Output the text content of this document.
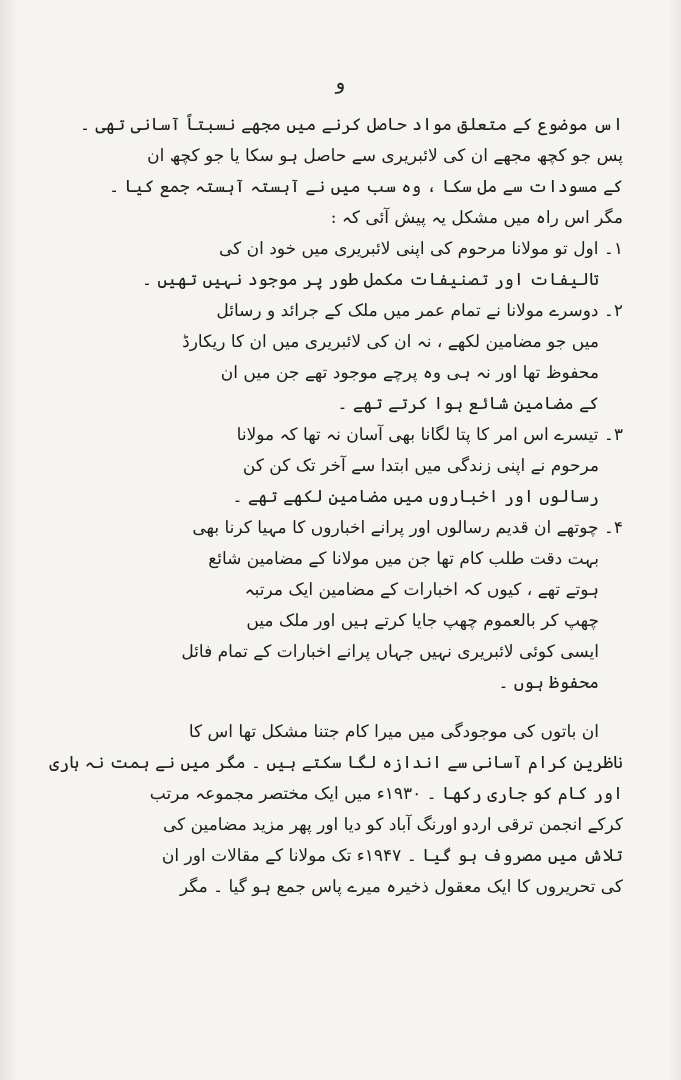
و
اس موضوع کے متعلق مواد حاصل کرنے میں مجھے نسبتاً آسانی تھی ۔
پس جو کچھ مجھے ان کی لائبریری سے حاصل ہو سکا یا جو کچھ ان
کے مسودات سے مل سکا ، وہ سب میں نے آہستہ آہستہ جمع کیا ۔
مگر اس راہ میں مشکل یہ پیش آئی کہ :
۱۔ اول تو مولانا مرحوم کی اپنی لائبریری میں خود ان کی
تالیفات اور تصنیفات مکمل طور پر موجود نہیں تھیں ۔
۲۔ دوسرے مولانا نے تمام عمر میں ملک کے جرائد و رسائل
میں جو مضامین لکھے ، نہ ان کی لائبریری میں ان کا ریکارڈ
محفوظ تھا اور نہ ہی وہ پرچے موجود تھے جن میں ان
کے مضامین شائع ہوا کرتے تھے ۔
۳۔ تیسرے اس امر کا پتا لگانا بھی آسان نہ تھا کہ مولانا
مرحوم نے اپنی زندگی میں ابتدا سے آخر تک کن کن
رسالوں اور اخباروں میں مضامین لکھے تھے ۔
۴۔ چوتھے ان قدیم رسالوں اور پرانے اخباروں کا مہیا کرنا بھی
بہت دقت طلب کام تھا جن میں مولانا کے مضامین شائع
ہوتے تھے ، کیوں کہ اخبارات کے مضامین ایک مرتبہ
چھپ کر بالعموم چھپ جایا کرتے ہیں اور ملک میں
ایسی کوئی لائبریری نہیں جہاں پرانے اخبارات کے تمام فائل
محفوظ ہوں ۔
ان باتوں کی موجودگی میں میرا کام جتنا مشکل تھا اس کا
ناظرین کرام آسانی سے اندازہ لگا سکتے ہیں ۔ مگر میں نے ہمت نہ ہاری
اور کام کو جاری رکھا ۔ ۱۹۳۰ء میں ایک مختصر مجموعہ مرتب
کرکے انجمن ترقی اردو اورنگ آباد کو دیا اور پھر مزید مضامین کی
تلاش میں مصروف ہو گیا ۔ ۱۹۴۷ء تک مولانا کے مقالات اور ان
کی تحریروں کا ایک معقول ذخیرہ میرے پاس جمع ہو گیا ۔ مگر
